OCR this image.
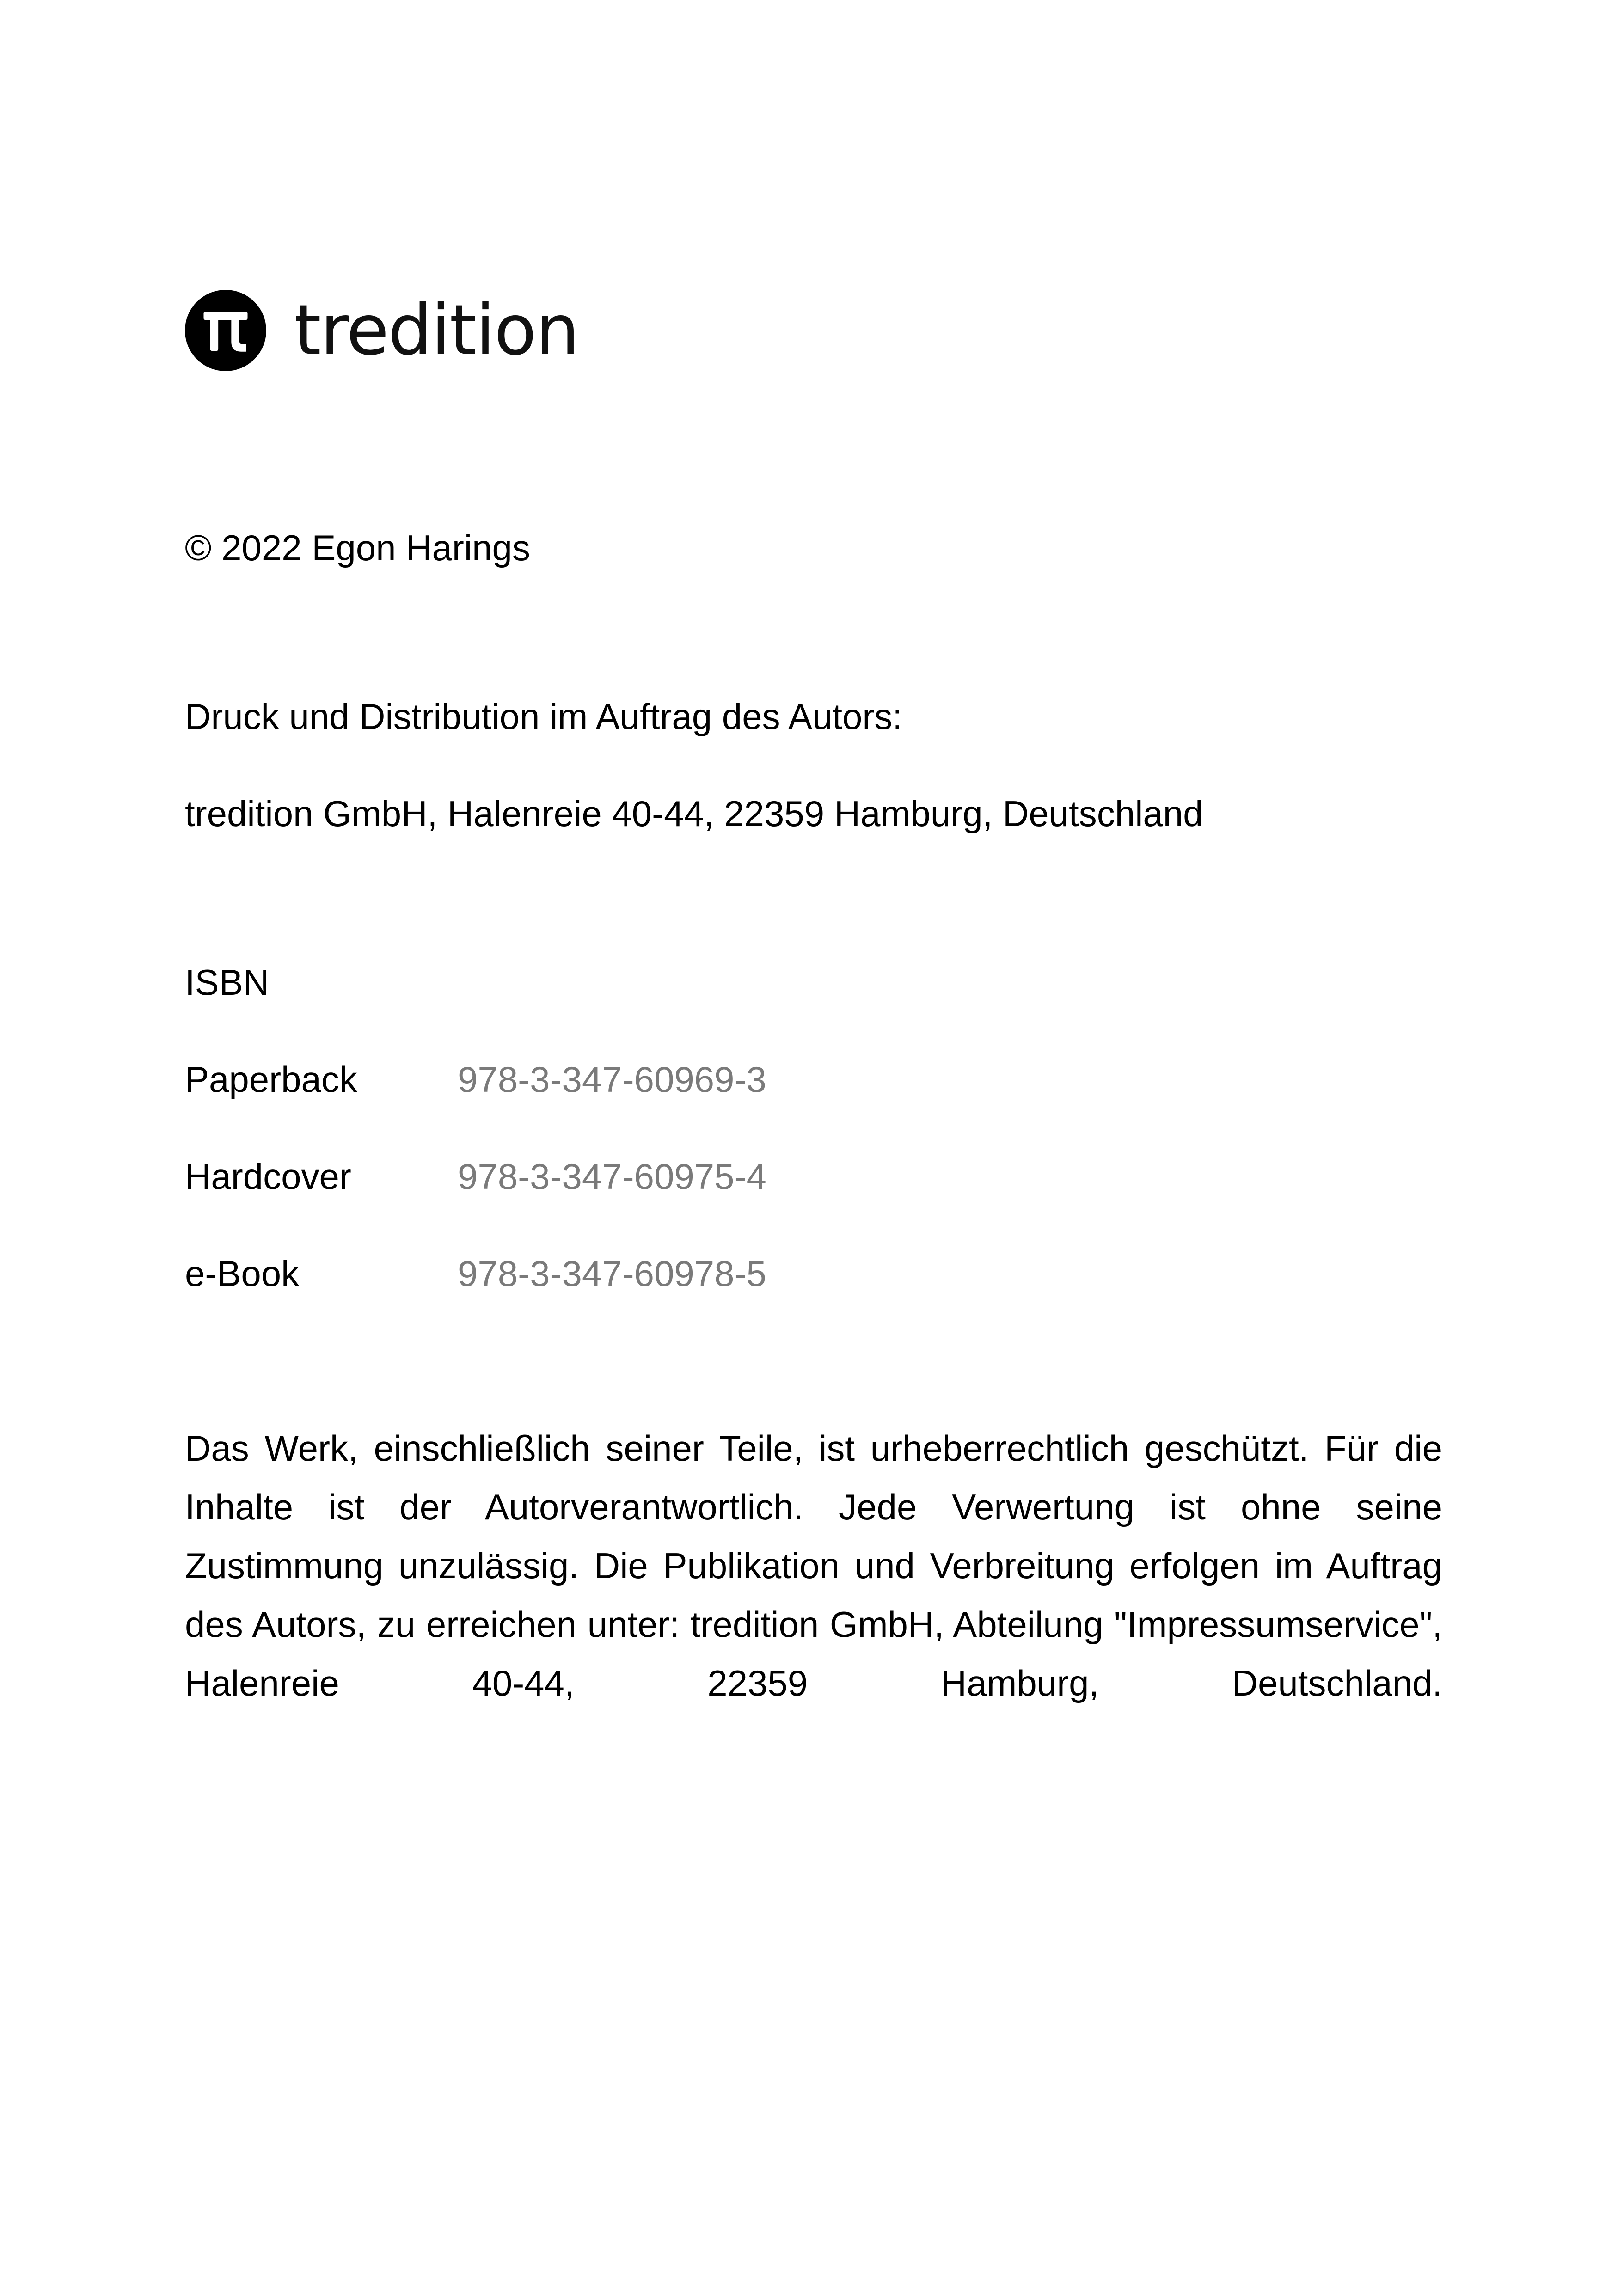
tredition
© 2022 Egon Harings
Druck und Distribution im Auftrag des Autors:
tredition GmbH, Halenreie 40-44, 22359 Hamburg, Deutschland
ISBN
Paperback	978-3-347-60969-3
Hardcover	978-3-347-60975-4
e-Book	978-3-347-60978-5
Das Werk, einschließlich seiner Teile, ist urheberrechtlich geschützt. Für die Inhalte ist der Autorverantwortlich. Jede Verwertung ist ohne seine Zustimmung unzulässig. Die Publikation und Verbreitung erfolgen im Auftrag des Autors, zu erreichen unter: tredition GmbH, Abteilung "Impressumservice", Halenreie 40-44, 22359 Hamburg, Deutschland.
